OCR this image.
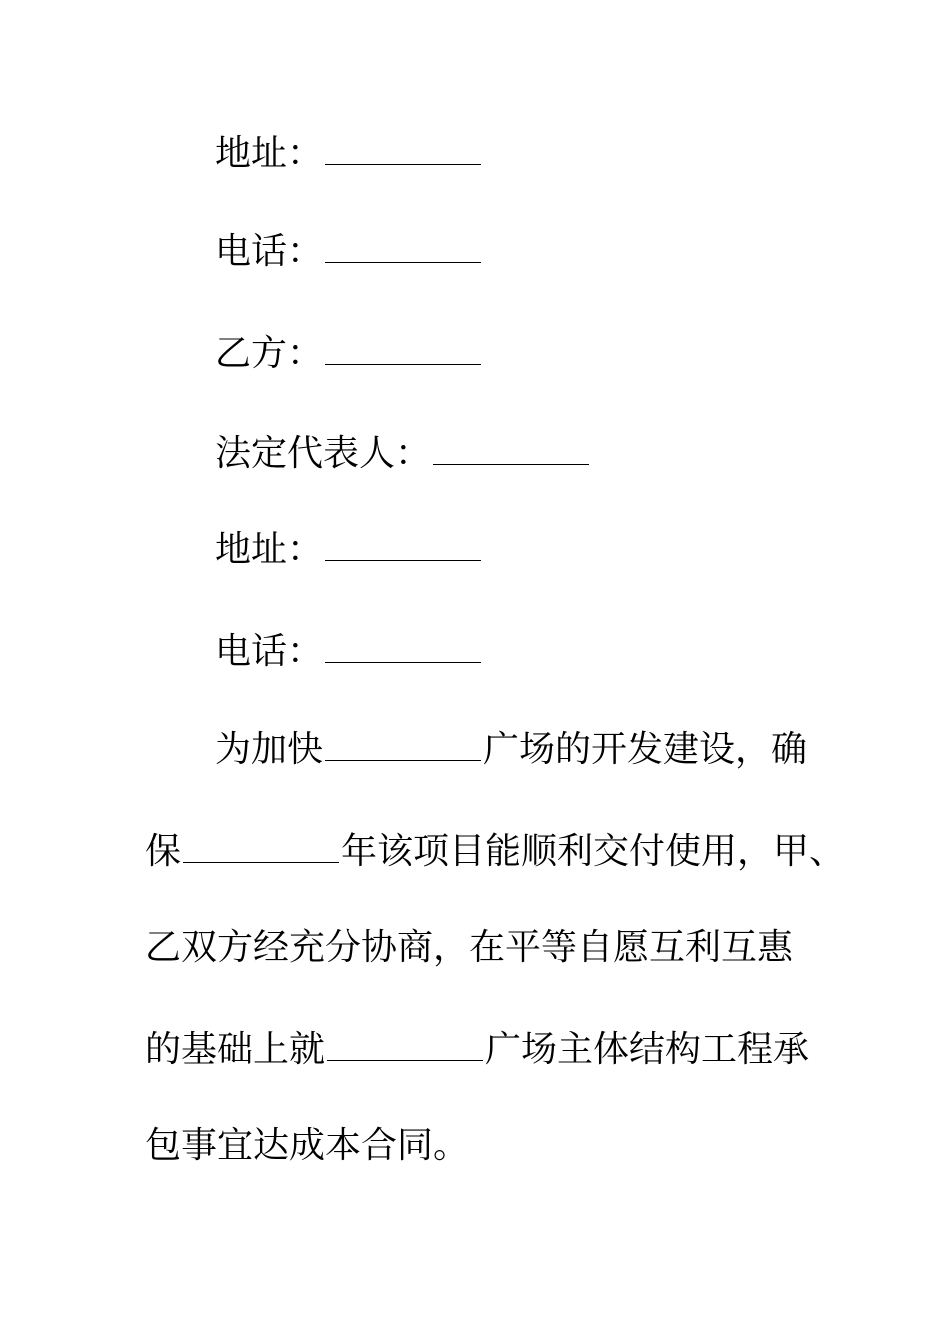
地址：
电话：
乙方：
法定代表人：
地址：
电话：
为加快	广场的开发建设，确
保	年该项目能顺利交付使用，甲、
乙双方经充分协商，在平等自愿互利互惠
的基础上就	广场主体结构工程承
包事宜达成本合同。
